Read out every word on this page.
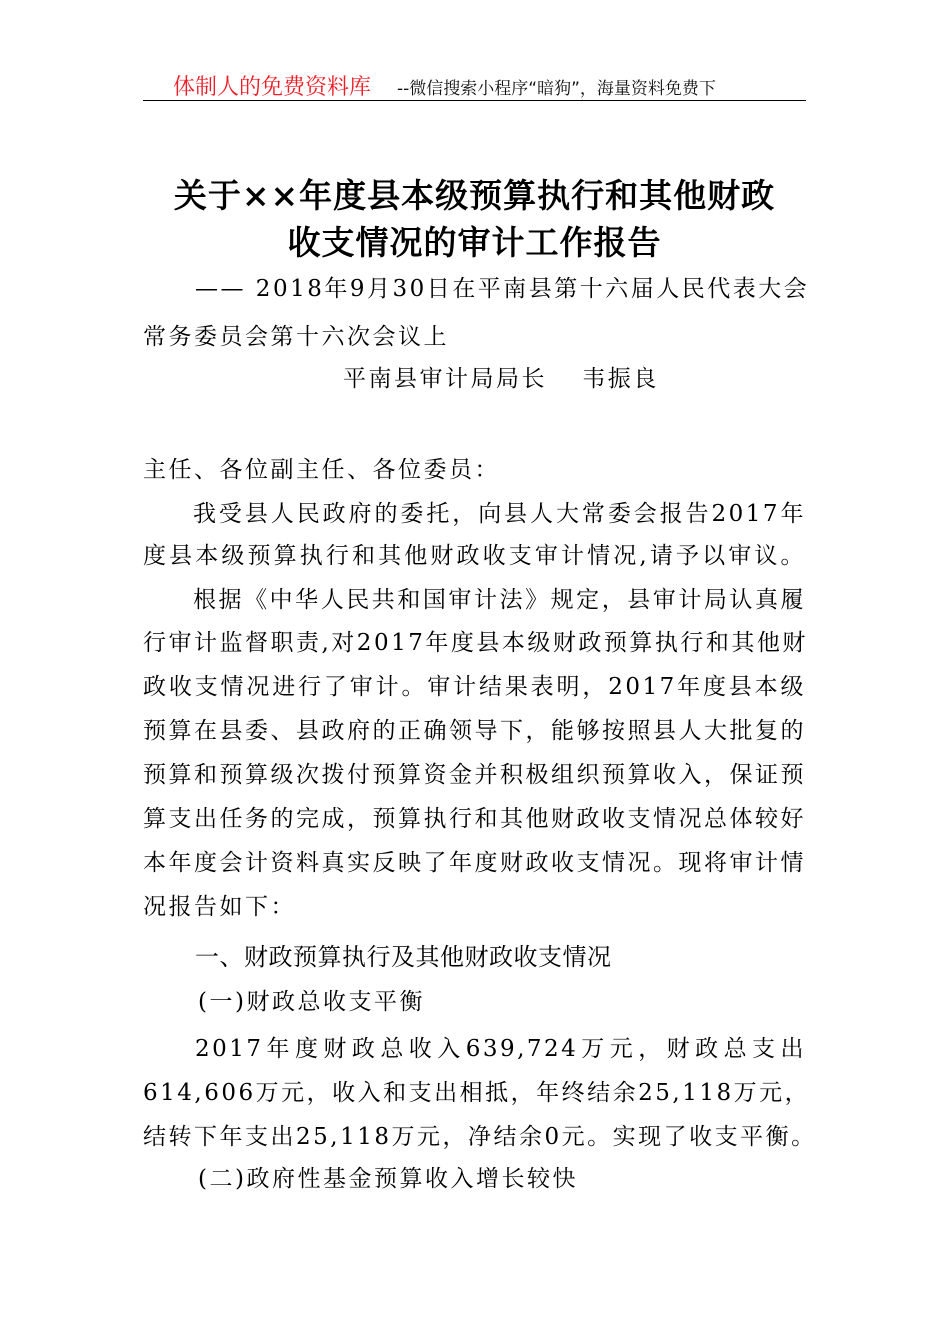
体制人的免费资料库 --微信搜索小程序“暗狗”，海量资料免费下
关于××年度县本级预算执行和其他财政
收支情况的审计工作报告
—— 2018年9月30日在平南县第十六届人民代表大会
常务委员会第十六次会议上
平南县审计局局长　 韦振良
主任、各位副主任、各位委员：
我受县人民政府的委托，向县人大常委会报告2017年
度县本级预算执行和其他财政收支审计情况,请予以审议。
根据《中华人民共和国审计法》规定，县审计局认真履
行审计监督职责,对2017年度县本级财政预算执行和其他财
政收支情况进行了审计。审计结果表明，2017年度县本级
预算在县委、县政府的正确领导下，能够按照县人大批复的
预算和预算级次拨付预算资金并积极组织预算收入，保证预
算支出任务的完成，预算执行和其他财政收支情况总体较好
本年度会计资料真实反映了年度财政收支情况。现将审计情
况报告如下：
一、财政预算执行及其他财政收支情况
(一)财政总收支平衡
2017年度财政总收入639,724万元，财政总支出
614,606万元，收入和支出相抵，年终结余25,118万元，
结转下年支出25,118万元，净结余0元。实现了收支平衡。
(二)政府性基金预算收入增长较快
